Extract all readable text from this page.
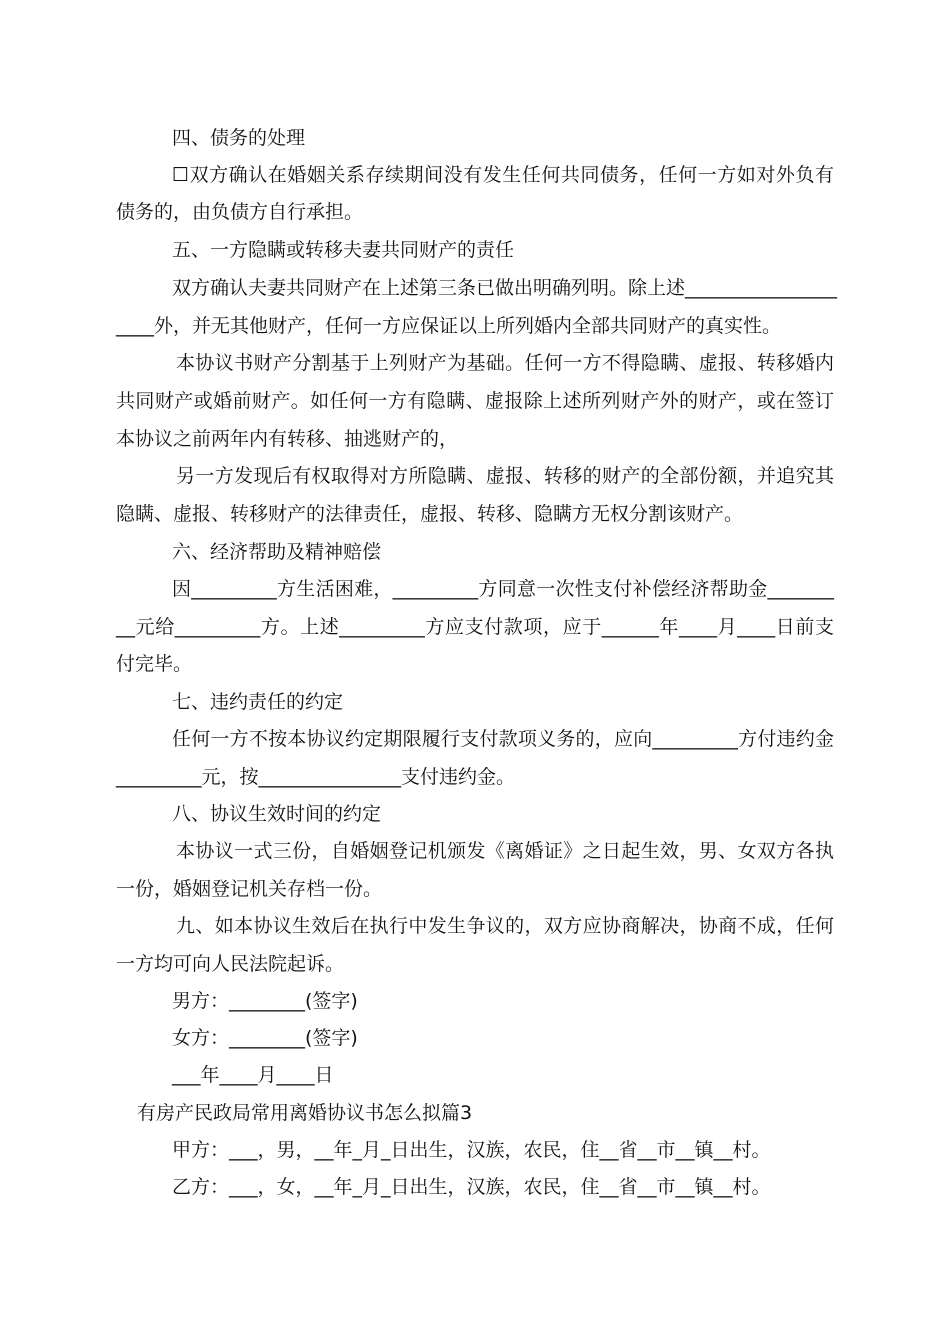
四、债务的处理
☐双方确认在婚姻关系存续期间没有发生任何共同债务，任何一方如对外负有
债务的，由负债方自行承担。
五、一方隐瞒或转移夫妻共同财产的责任
双方确认夫妻共同财产在上述第三条已做出明确列明。除上述________________
____外，并无其他财产，任何一方应保证以上所列婚内全部共同财产的真实性。
本协议书财产分割基于上列财产为基础。任何一方不得隐瞒、虚报、转移婚内
共同财产或婚前财产。如任何一方有隐瞒、虚报除上述所列财产外的财产，或在签订
本协议之前两年内有转移、抽逃财产的，
另一方发现后有权取得对方所隐瞒、虚报、转移的财产的全部份额，并追究其
隐瞒、虚报、转移财产的法律责任，虚报、转移、隐瞒方无权分割该财产。
六、经济帮助及精神赔偿
因_________方生活困难，_________方同意一次性支付补偿经济帮助金_______
__元给_________方。上述_________方应支付款项，应于______年____月____日前支
付完毕。
七、违约责任的约定
任何一方不按本协议约定期限履行支付款项义务的，应向_________方付违约金
_________元，按_______________支付违约金。
八、协议生效时间的约定
本协议一式三份，自婚姻登记机颁发《离婚证》之日起生效，男、女双方各执
一份，婚姻登记机关存档一份。
九、如本协议生效后在执行中发生争议的，双方应协商解决，协商不成，任何
一方均可向人民法院起诉。
男方：________(签字)
女方：________(签字)
___年____月____日
有房产民政局常用离婚协议书怎么拟篇3
甲方：___，男，__年_月_日出生，汉族，农民，住__省__市__镇__村。
乙方：___，女，__年_月_日出生，汉族，农民，住__省__市__镇__村。
